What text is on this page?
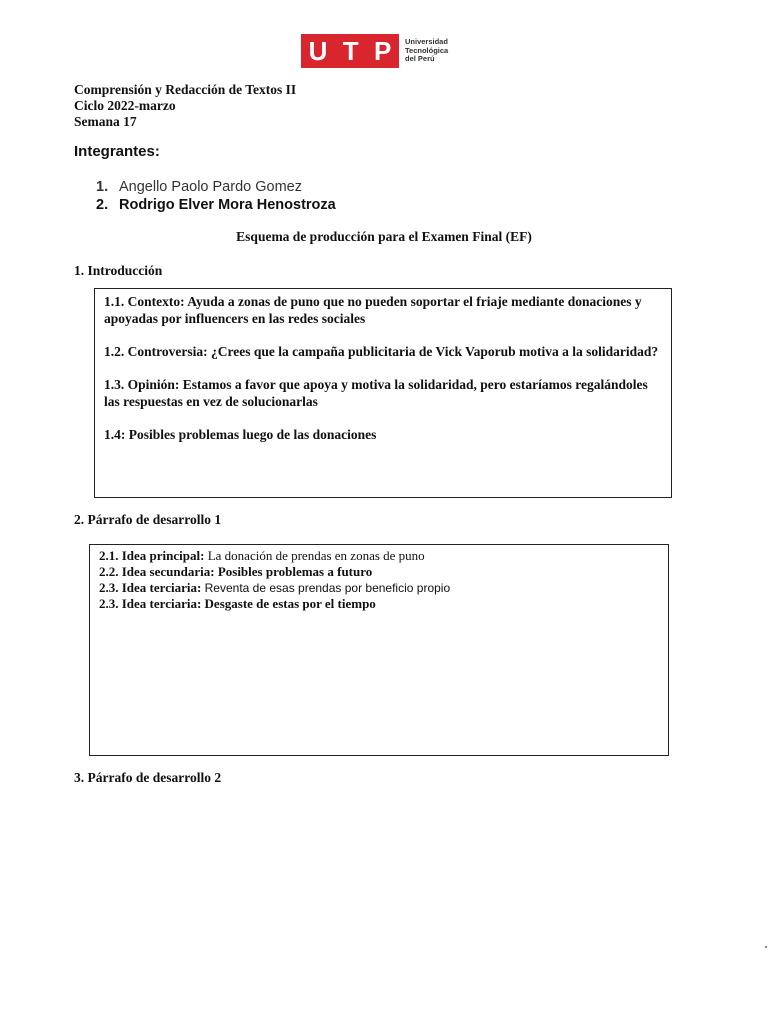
U T P Universidad
Tecnológica
del Perú
Comprensión y Redacción de Textos II
Ciclo 2022-marzo
Semana 17
Integrantes:
1. Angello Paolo Pardo Gomez
2. Rodrigo Elver Mora Henostroza
Esquema de producción para el Examen Final (EF)
1. Introducción

1.1. Contexto: Ayuda a zonas de puno que no pueden soportar el friaje mediante donaciones y apoyadas por influencers en las redes sociales

1.2. Controversia: ¿Crees que la campaña publicitaria de Vick Vaporub motiva a la solidaridad?

1.3. Opinión: Estamos a favor que apoya y motiva la solidaridad, pero estaríamos regalándoles las respuestas en vez de solucionarlas

1.4: Posibles problemas luego de las donaciones

2. Párrafo de desarrollo 1
2.1. Idea principal: La donación de prendas en zonas de puno
2.2. Idea secundaria: Posibles problemas a futuro
2.3. Idea terciaria: Reventa de esas prendas por beneficio propio
2.3. Idea terciaria: Desgaste de estas por el tiempo
3. Párrafo de desarrollo 2
